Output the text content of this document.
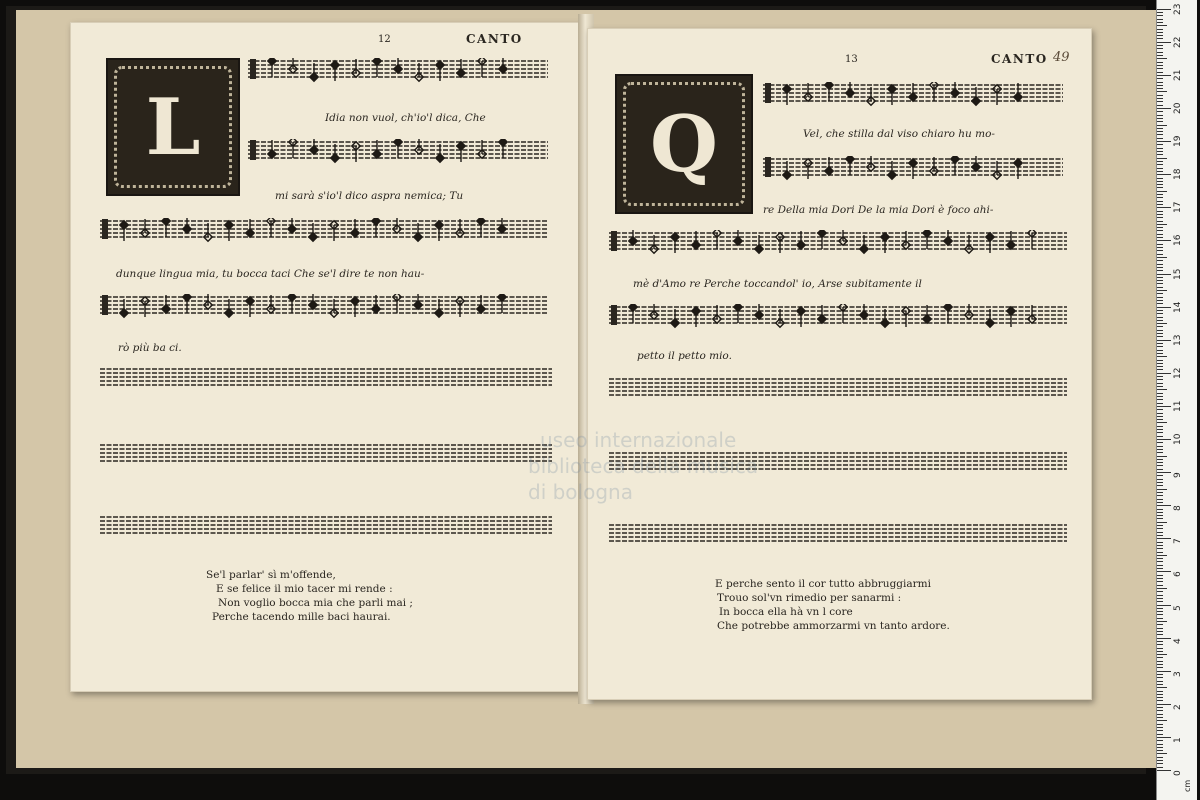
12	CANTO
L	Idia non vuol, ch'io'l dica, Che
mi sarà s'io'l dico aspra nemica; Tu
dunque lingua mia, tu bocca taci Che se'l dire te non hau-
rò più ba ci.
Se'l parlar' sì m'offende,
E se felice il mio tacer mi rende :
Non voglio bocca mia che parli mai ;
Perche tacendo mille baci haurai.
13	CANTO 49
Q	Vel, che stilla dal viso chiaro hu mo-
re Della mia Dori De la mia Dori è foco ahi-
mè d'Amo re Perche toccandol' io, Arse subitamente il
petto il petto mio.
E perche sento il cor tutto abbruggiarmi
Trouo sol'vn rimedio per sanarmi :
In bocca ella hà vn l core
Che potrebbe ammorzarmi vn tanto ardore.
useo internazionale
biblioteca della musica
di bologna
cm
0
1
2
3
4
5
6
7
8
9
10
11
12
13
14
15
16
17
18
19
20
21
22
23
